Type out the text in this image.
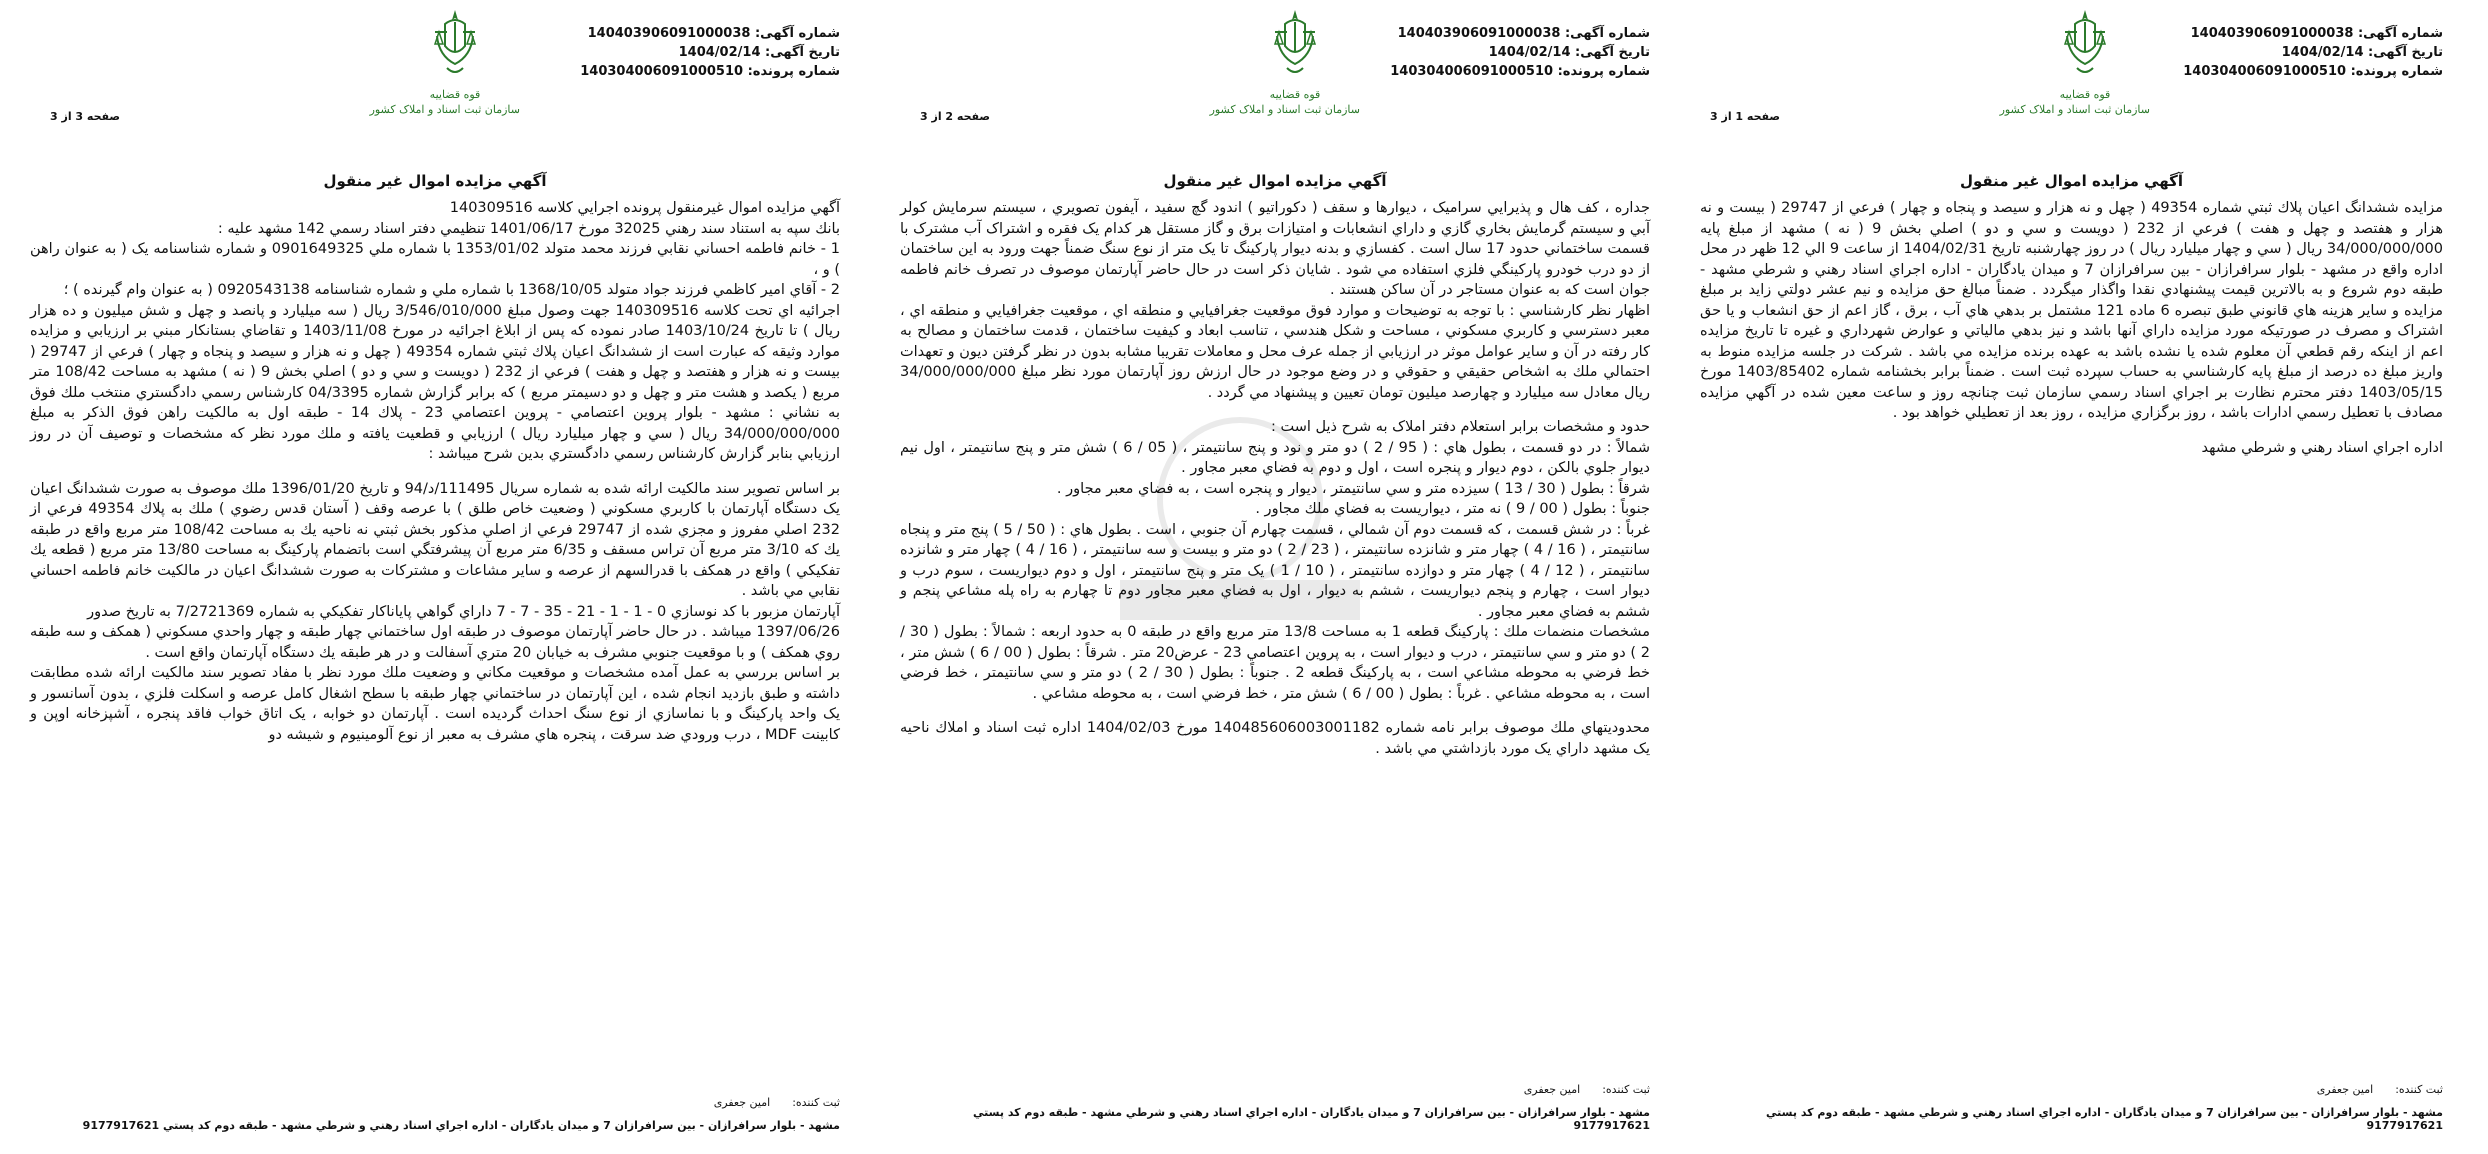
شماره آگهی: 140403906091000038
تاریخ آگهی: 1404/02/14
شماره پرونده: 140304006091000510
قوه قضاییه
سازمان ثبت اسناد و املاک کشور
صفحه 3 از 3
آگهي مزايده اموال غير منقول

آگهي مزايده اموال غيرمنقول پرونده اجرايي كلاسه 140309516

بانك سپه به استناد سند رهني 32025 مورخ 1401/06/17 تنظيمي دفتر اسناد رسمي 142 مشهد عليه :

1 - خانم فاطمه احساني نقابي فرزند محمد متولد 1353/01/02 با شماره ملي 0901649325 و شماره شناسنامه يک ( به عنوان راهن ) و ،

2 - آقاي امير كاظمي فرزند جواد متولد 1368/10/05 با شماره ملي و شماره شناسنامه 0920543138 ( به عنوان وام گيرنده ) ؛

اجرائيه اي تحت كلاسه 140309516 جهت وصول مبلغ 3/546/010/000 ريال ( سه ميليارد و پانصد و چهل و شش ميليون و ده هزار ريال ) تا تاريخ 1403/10/24 صادر نموده كه پس از ابلاغ اجرائيه در مورخ 1403/11/08 و تقاضاي بستانكار مبني بر ارزيابي و مزايده موارد وثيقه كه عبارت است از ششدانگ اعيان پلاك ثبتي شماره 49354 ( چهل و نه هزار و سيصد و پنجاه و چهار ) فرعي از 29747 ( بيست و نه هزار و هفتصد و چهل و هفت ) فرعي از 232 ( دويست و سي و دو ) اصلي بخش 9 ( نه ) مشهد به مساحت 108/42 متر مربع ( يكصد و هشت متر و چهل و دو دسيمتر مربع ) كه برابر گزارش شماره 04/3395 كارشناس رسمي دادگستري منتخب ملك فوق به نشاني : مشهد - بلوار پروين اعتصامي - پروين اعتصامي 23 - پلاك 14 - طبقه اول به مالكيت راهن فوق الذكر به مبلغ 34/000/000/000 ريال ( سي و چهار ميليارد ريال ) ارزيابي و قطعيت يافته و ملك مورد نظر كه مشخصات و توصيف آن در روز ارزيابي بنابر گزارش كارشناس رسمي دادگستري بدين شرح ميباشد :

بر اساس تصوير سند مالكيت ارائه شده به شماره سريال 111495/د/94 و تاريخ 1396/01/20 ملك موصوف به صورت ششدانگ اعيان يک دستگاه آپارتمان با كاربري مسكوني ( وضعيت خاص طلق ) با عرصه وقف ( آستان قدس رضوي ) ملك به پلاك 49354 فرعي از 232 اصلي مفروز و مجزي شده از 29747 فرعي از اصلي مذكور بخش ثبتي نه ناحيه يك به مساحت 108/42 متر مربع واقع در طبقه يك كه 3/10 متر مربع آن تراس مسقف و 6/35 متر مربع آن پيشرفتگي است باتضمام پاركينگ به مساحت 13/80 متر مربع ( قطعه يك تفكيكي ) واقع در همكف با قدرالسهم از عرصه و ساير مشاعات و مشتركات به صورت ششدانگ اعيان در مالكيت خانم فاطمه احساني نقابي مي باشد .

آپارتمان مزبور با كد نوسازي 0 - 1 - 1 - 21 - 35 - 7 - 7 داراي گواهي پاياناكار تفكيكي به شماره 7/2721369 به تاريخ صدور

1397/06/26 ميباشد . در حال حاضر آپارتمان موصوف در طبقه اول ساختماني چهار طبقه و چهار واحدي مسكوني ( همكف و سه طبقه روي همكف ) و با موقعيت جنوبي مشرف به خيابان 20 متري آسفالت و در هر طبقه يك دستگاه آپارتمان واقع است .

بر اساس بررسي به عمل آمده مشخصات و موقعيت مكاني و وضعيت ملك مورد نظر با مفاد تصوير سند مالكيت ارائه شده مطابقت داشته و طبق بازديد انجام شده ، اين آپارتمان در ساختماني چهار طبقه با سطح اشغال كامل عرصه و اسكلت فلزي ، بدون آسانسور و يک واحد پاركينگ و با نماسازي از نوع سنگ احداث گرديده است . آپارتمان دو خوابه ، يک اتاق خواب فاقد پنجره ، آشپزخانه اوپن و كابينت MDF ، درب ورودي ضد سرقت ، پنجره هاي مشرف به معبر از نوع آلومينيوم و شيشه دو

ثبت كننده:امین جعفری
مشهد - بلوار سرافرازان - بين سرافرازان 7 و ميدان يادگاران - اداره اجراي اسناد رهني و شرطي مشهد - طبقه دوم كد پستي 9177917621
شماره آگهی: 140403906091000038
تاریخ آگهی: 1404/02/14
شماره پرونده: 140304006091000510
قوه قضاییه
سازمان ثبت اسناد و املاک کشور
صفحه 2 از 3
آگهي مزايده اموال غير منقول

جداره ، كف هال و پذيرايي سراميک ، ديوارها و سقف ( دكوراتيو ) اندود گچ سفيد ، آيفون تصويري ، سيستم سرمايش كولر آبي و سيستم گرمايش بخاري گازي و داراي انشعابات و امتيازات برق و گاز مستقل هر كدام يک فقره و اشتراک آب مشترک با قسمت ساختماني حدود 17 سال است . كفسازي و بدنه ديوار پاركينگ تا يک متر از نوع سنگ ضمناً جهت ورود به اين ساختمان از دو درب خودرو پاركينگي فلزي استفاده مي شود . شايان ذكر است در حال حاضر آپارتمان موصوف در تصرف خانم فاطمه جوان است كه به عنوان مستاجر در آن ساكن هستند .

اظهار نظر كارشناسي : با توجه به توضيحات و موارد فوق موقعيت جغرافيايي و منطقه اي ، موقعيت جغرافيايي و منطقه اي ، معبر دسترسي و كاربري مسكوني ، مساحت و شكل هندسي ، تناسب ابعاد و كيفيت ساختمان ، قدمت ساختمان و مصالح به كار رفته در آن و ساير عوامل موثر در ارزيابي از جمله عرف محل و معاملات تقريبا مشابه بدون در نظر گرفتن ديون و تعهدات احتمالي ملك به اشخاص حقيقي و حقوقي و در وضع موجود در حال ارزش روز آپارتمان مورد نظر مبلغ 34/000/000/000 ريال معادل سه ميليارد و چهارصد ميليون تومان تعيين و پيشنهاد مي گردد .

حدود و مشخصات برابر استعلام دفتر املاک به شرح ذيل است :

شمالاً : در دو قسمت ، بطول هاي : ( 95 / 2 ) دو متر و نود و پنج سانتيمتر ، ( 05 / 6 ) شش متر و پنج سانتيمتر ، اول نيم ديوار جلوي بالكن ، دوم ديوار و پنجره است ، اول و دوم به فضاي معبر مجاور .

شرقاً : بطول ( 30 / 13 ) سيزده متر و سي سانتيمتر ، ديوار و پنجره است ، به فضاي معبر مجاور .

جنوباً : بطول ( 00 / 9 ) نه متر ، ديواريست به فضاي ملك مجاور .

غرباً : در شش قسمت ، كه قسمت دوم آن شمالي ، قسمت چهارم آن جنوبي ، است . بطول هاي : ( 50 / 5 ) پنج متر و پنجاه سانتيمتر ، ( 16 / 4 ) چهار متر و شانزده سانتيمتر ، ( 23 / 2 ) دو متر و بيست و سه سانتيمتر ، ( 16 / 4 ) چهار متر و شانزده سانتيمتر ، ( 12 / 4 ) چهار متر و دوازده سانتيمتر ، ( 10 / 1 ) يک متر و پنج سانتيمتر ، اول و دوم ديواريست ، سوم درب و ديوار است ، چهارم و پنجم ديواريست ، ششم به ديوار ، اول به فضاي معبر مجاور دوم تا چهارم به راه پله مشاعي پنجم و ششم به فضاي معبر مجاور .

مشخصات منضمات ملك : پاركينگ قطعه 1 به مساحت 13/8 متر مربع واقع در طبقه 0 به حدود اربعه : شمالاً : بطول ( 30 / 2 ) دو متر و سي سانتيمتر ، درب و ديوار است ، به پروين اعتصامي 23 - عرض20 متر . شرقاً : بطول ( 00 / 6 ) شش متر ، خط فرضي به محوطه مشاعي است ، به پاركينگ قطعه 2 . جنوباً : بطول ( 30 / 2 ) دو متر و سي سانتيمتر ، خط فرضي است ، به محوطه مشاعي . غرباً : بطول ( 00 / 6 ) شش متر ، خط فرضي است ، به محوطه مشاعي .

محدوديتهاي ملك موصوف برابر نامه شماره 140485606003001182 مورخ 1404/02/03 اداره ثبت اسناد و املاك ناحيه يک مشهد داراي يک مورد بازداشتي مي باشد .

ثبت كننده:امین جعفری
مشهد - بلوار سرافرازان - بين سرافرازان 7 و ميدان يادگاران - اداره اجراي اسناد رهني و شرطي مشهد - طبقه دوم كد پستي 9177917621
شماره آگهی: 140403906091000038
تاریخ آگهی: 1404/02/14
شماره پرونده: 140304006091000510
قوه قضاییه
سازمان ثبت اسناد و املاک کشور
صفحه 1 از 3
آگهي مزايده اموال غير منقول

مزايده ششدانگ اعيان پلاك ثبتي شماره 49354 ( چهل و نه هزار و سيصد و پنجاه و چهار ) فرعي از 29747 ( بيست و نه هزار و هفتصد و چهل و هفت ) فرعي از 232 ( دويست و سي و دو ) اصلي بخش 9 ( نه ) مشهد از مبلغ پايه 34/000/000/000 ريال ( سي و چهار ميليارد ريال ) در روز چهارشنبه تاريخ 1404/02/31 از ساعت 9 الي 12 ظهر در محل اداره واقع در مشهد - بلوار سرافرازان - بين سرافرازان 7 و ميدان يادگاران - اداره اجراي اسناد رهني و شرطي مشهد - طبقه دوم شروع و به بالاترين قيمت پيشنهادي نقدا واگذار ميگردد . ضمناً مبالغ حق مزايده و نيم عشر دولتي زايد بر مبلغ مزايده و ساير هزينه هاي قانوني طبق تبصره 6 ماده 121 مشتمل بر بدهي هاي آب ، برق ، گاز اعم از حق انشعاب و يا حق اشتراک و مصرف در صورتيكه مورد مزايده داراي آنها باشد و نيز بدهي مالياتي و عوارض شهرداري و غيره تا تاريخ مزايده اعم از اينكه رقم قطعي آن معلوم شده يا نشده باشد به عهده برنده مزايده مي باشد . شركت در جلسه مزايده منوط به واريز مبلغ ده درصد از مبلغ پايه كارشناسي به حساب سپرده ثبت است . ضمناً برابر بخشنامه شماره 1403/85402 مورخ 1403/05/15 دفتر محترم نظارت بر اجراي اسناد رسمي سازمان ثبت چنانچه روز و ساعت معين شده در آگهي مزايده مصادف با تعطيل رسمي ادارات باشد ، روز برگزاري مزايده ، روز بعد از تعطيلي خواهد بود .

اداره اجراي اسناد رهني و شرطي مشهد

ثبت كننده:امین جعفری
مشهد - بلوار سرافرازان - بين سرافرازان 7 و ميدان يادگاران - اداره اجراي اسناد رهني و شرطي مشهد - طبقه دوم كد پستي 9177917621
